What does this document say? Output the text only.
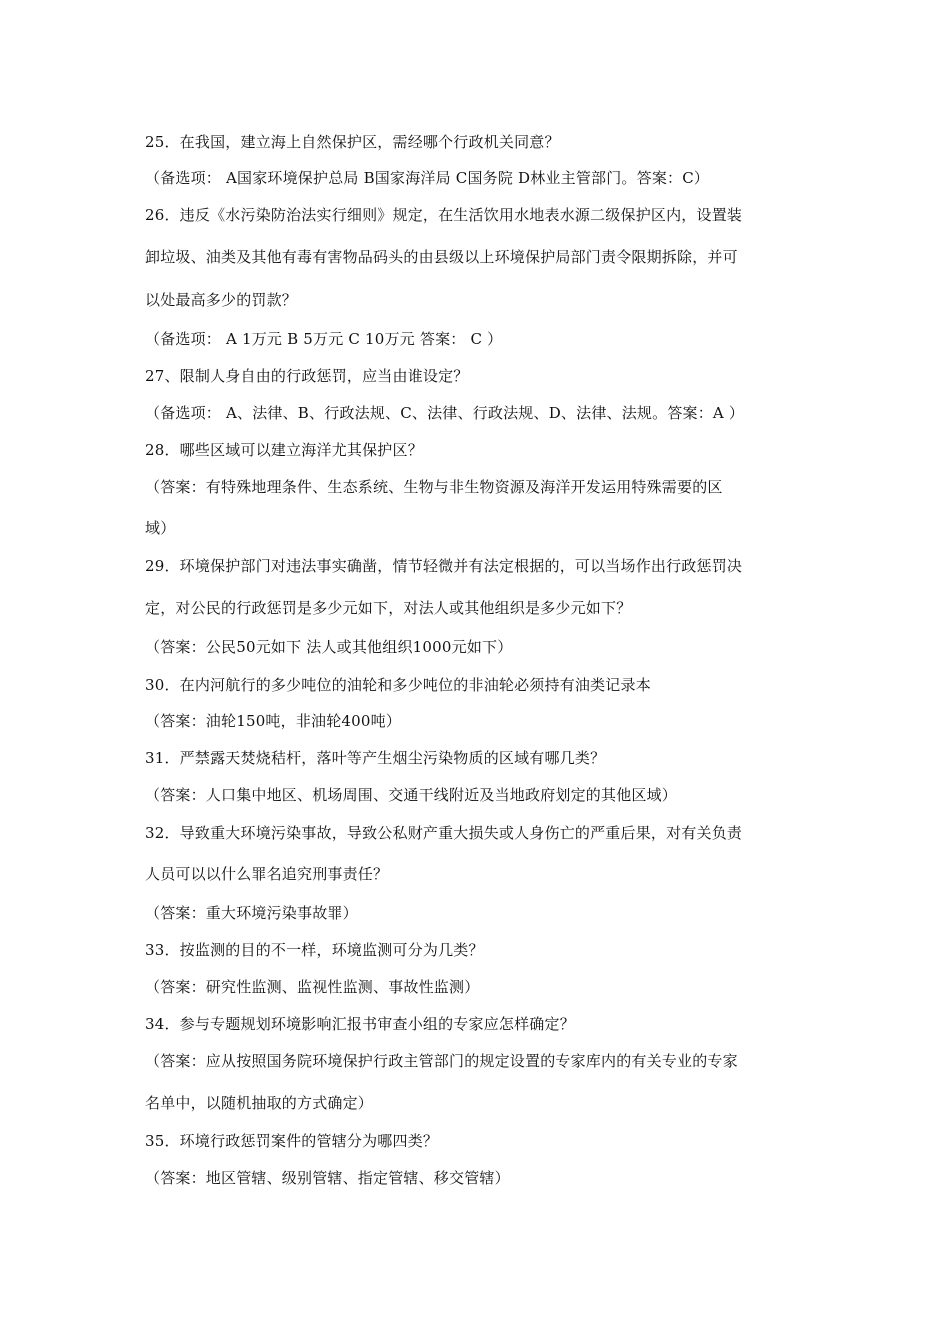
25．在我国，建立海上自然保护区，需经哪个行政机关同意？
（备选项： A国家环境保护总局 B国家海洋局 C国务院 D林业主管部门。答案：C）
26．违反《水污染防治法实行细则》规定，在生活饮用水地表水源二级保护区内，设置装
卸垃圾、油类及其他有毒有害物品码头的由县级以上环境保护局部门责令限期拆除，并可
以处最高多少的罚款？
（备选项： A 1万元 B 5万元 C 10万元 答案： C ）
27、限制人身自由的行政惩罚，应当由谁设定？
（备选项： A、法律、B、行政法规、C、法律、行政法规、D、法律、法规。答案：A ）
28．哪些区域可以建立海洋尤其保护区？
（答案：有特殊地理条件、生态系统、生物与非生物资源及海洋开发运用特殊需要的区
域）
29．环境保护部门对违法事实确凿，情节轻微并有法定根据的，可以当场作出行政惩罚决
定，对公民的行政惩罚是多少元如下，对法人或其他组织是多少元如下？
（答案：公民50元如下 法人或其他组织1000元如下）
30．在内河航行的多少吨位的油轮和多少吨位的非油轮必须持有油类记录本
（答案：油轮150吨，非油轮400吨）
31．严禁露天焚烧秸杆，落叶等产生烟尘污染物质的区域有哪几类？
（答案：人口集中地区、机场周围、交通干线附近及当地政府划定的其他区域）
32．导致重大环境污染事故，导致公私财产重大损失或人身伤亡的严重后果，对有关负责
人员可以以什么罪名追究刑事责任？
（答案：重大环境污染事故罪）
33．按监测的目的不一样，环境监测可分为几类？
（答案：研究性监测、监视性监测、事故性监测）
34．参与专题规划环境影响汇报书审查小组的专家应怎样确定？
（答案：应从按照国务院环境保护行政主管部门的规定设置的专家库内的有关专业的专家
名单中，以随机抽取的方式确定）
35．环境行政惩罚案件的管辖分为哪四类？
（答案：地区管辖、级别管辖、指定管辖、移交管辖）
